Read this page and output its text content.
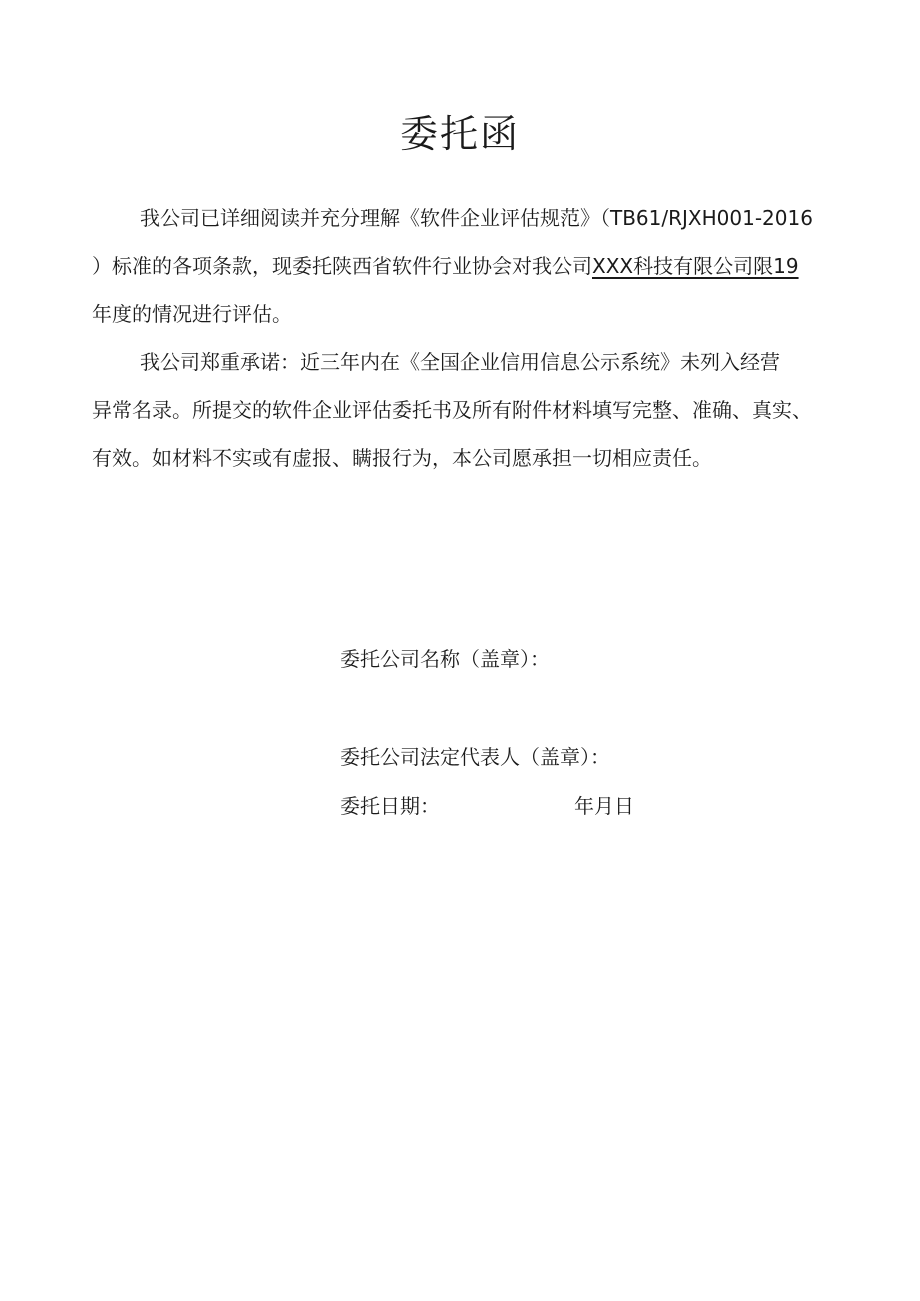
委托函
我公司已详细阅读并充分理解《软件企业评估规范》（TB61/RJXH001-2016
）标准的各项条款，现委托陕西省软件行业协会对我公司XXX科技有限公司限19
年度的情况进行评估。
我公司郑重承诺：近三年内在《全国企业信用信息公示系统》未列入经营
异常名录。所提交的软件企业评估委托书及所有附件材料填写完整、准确、真实、
有效。如材料不实或有虚报、瞒报行为，本公司愿承担一切相应责任。
委托公司名称（盖章）：
委托公司法定代表人（盖章）：
委托日期：	年月日
